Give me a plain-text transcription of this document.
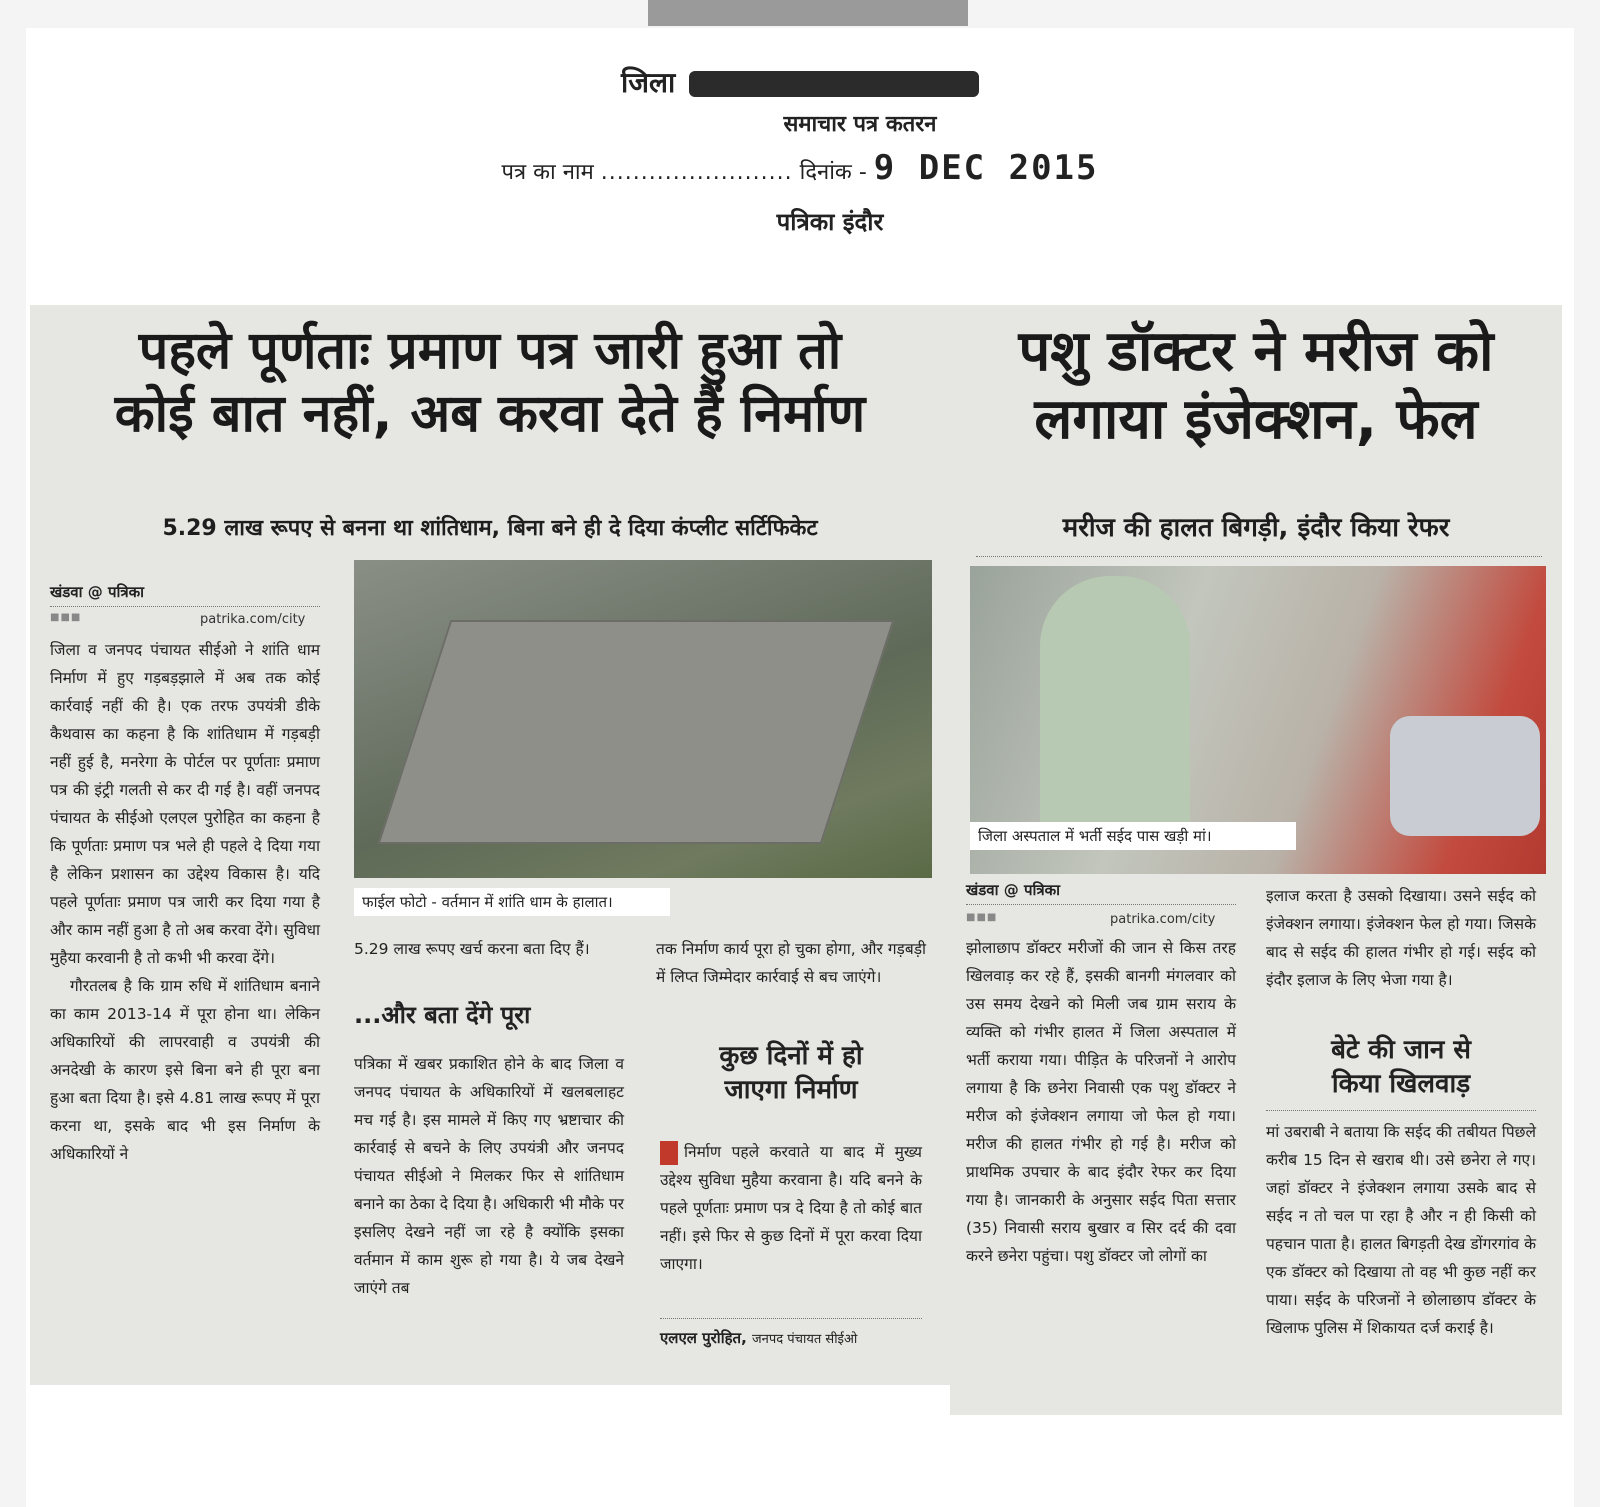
जिला
समाचार पत्र कतरन
पत्र का नाम ........................ दिनांक - 9 DEC 2015
पत्रिका इंदौर
पहले पूर्णताः प्रमाण पत्र जारी हुआ तो
कोई बात नहीं, अब करवा देते हैं निर्माण
5.29 लाख रूपए से बनना था शांतिधाम, बिना बने ही दे दिया कंप्लीट सर्टिफिकेट
खंडवा @ पत्रिका
■■■	patrika.com/city

जिला व जनपद पंचायत सीईओ ने शांति धाम निर्माण में हुए गड़बड़झाले में अब तक कोई कार्रवाई नहीं की है। एक तरफ उपयंत्री डीके कैथवास का कहना है कि शांतिधाम में गड़बड़ी नहीं हुई है, मनरेगा के पोर्टल पर पूर्णताः प्रमाण पत्र की इंट्री गलती से कर दी गई है। वहीं जनपद पंचायत के सीईओ एलएल पुरोहित का कहना है कि पूर्णताः प्रमाण पत्र भले ही पहले दे दिया गया है लेकिन प्रशासन का उद्देश्य विकास है। यदि पहले पूर्णताः प्रमाण पत्र जारी कर दिया गया है और काम नहीं हुआ है तो अब करवा देंगे। सुविधा मुहैया करवानी है तो कभी भी करवा देंगे।

गौरतलब है कि ग्राम रुधि में शांतिधाम बनाने का काम 2013-14 में पूरा होना था। लेकिन अधिकारियों की लापरवाही व उपयंत्री की अनदेखी के कारण इसे बिना बने ही पूरा बना हुआ बता दिया है। इसे 4.81 लाख रूपए में पूरा करना था, इसके बाद भी इस निर्माण के अधिकारियों ने

फाईल फोटो - वर्तमान में शांति धाम के हालात।
5.29 लाख रूपए खर्च करना बता दिए हैं।
...और बता देंगे पूरा
पत्रिका में खबर प्रकाशित होने के बाद जिला व जनपद पंचायत के अधिकारियों में खलबलाहट मच गई है। इस मामले में किए गए भ्रष्टाचार की कार्रवाई से बचने के लिए उपयंत्री और जनपद पंचायत सीईओ ने मिलकर फिर से शांतिधाम बनाने का ठेका दे दिया है। अधिकारी भी मौके पर इसलिए देखने नहीं जा रहे है क्योंकि इसका वर्तमान में काम शुरू हो गया है। ये जब देखने जाएंगे तब
तक निर्माण कार्य पूरा हो चुका होगा, और गड़बड़ी में लिप्त जिम्मेदार कार्रवाई से बच जाएंगे।
कुछ दिनों में हो
जाएगा निर्माण
निर्माण पहले करवाते या बाद में मुख्य उद्देश्य सुविधा मुहैया करवाना है। यदि बनने के पहले पूर्णताः प्रमाण पत्र दे दिया है तो कोई बात नहीं। इसे फिर से कुछ दिनों में पूरा करवा दिया जाएगा।
एलएल पुरोहित, जनपद पंचायत सीईओ
पशु डॉक्टर ने मरीज को
लगाया इंजेक्शन, फेल
मरीज की हालत बिगड़ी, इंदौर किया रेफर
जिला अस्पताल में भर्ती सईद पास खड़ी मां।
खंडवा @ पत्रिका
■■■	patrika.com/city
झोलाछाप डॉक्टर मरीजों की जान से किस तरह खिलवाड़ कर रहे हैं, इसकी बानगी मंगलवार को उस समय देखने को मिली जब ग्राम सराय के व्यक्ति को गंभीर हालत में जिला अस्पताल में भर्ती कराया गया। पीड़ित के परिजनों ने आरोप लगाया है कि छनेरा निवासी एक पशु डॉक्टर ने मरीज को इंजेक्शन लगाया जो फेल हो गया। मरीज की हालत गंभीर हो गई है। मरीज को प्राथमिक उपचार के बाद इंदौर रेफर कर दिया गया है। जानकारी के अनुसार सईद पिता सत्तार (35) निवासी सराय बुखार व सिर दर्द की दवा करने छनेरा पहुंचा। पशु डॉक्टर जो लोगों का
इलाज करता है उसको दिखाया। उसने सईद को इंजेक्शन लगाया। इंजेक्शन फेल हो गया। जिसके बाद से सईद की हालत गंभीर हो गई। सईद को इंदौर इलाज के लिए भेजा गया है।
बेटे की जान से
किया खिलवाड़
मां उबराबी ने बताया कि सईद की तबीयत पिछले करीब 15 दिन से खराब थी। उसे छनेरा ले गए। जहां डॉक्टर ने इंजेक्शन लगाया उसके बाद से सईद न तो चल पा रहा है और न ही किसी को पहचान पाता है। हालत बिगड़ती देख डोंगरगांव के एक डॉक्टर को दिखाया तो वह भी कुछ नहीं कर पाया। सईद के परिजनों ने छोलाछाप डॉक्टर के खिलाफ पुलिस में शिकायत दर्ज कराई है।
